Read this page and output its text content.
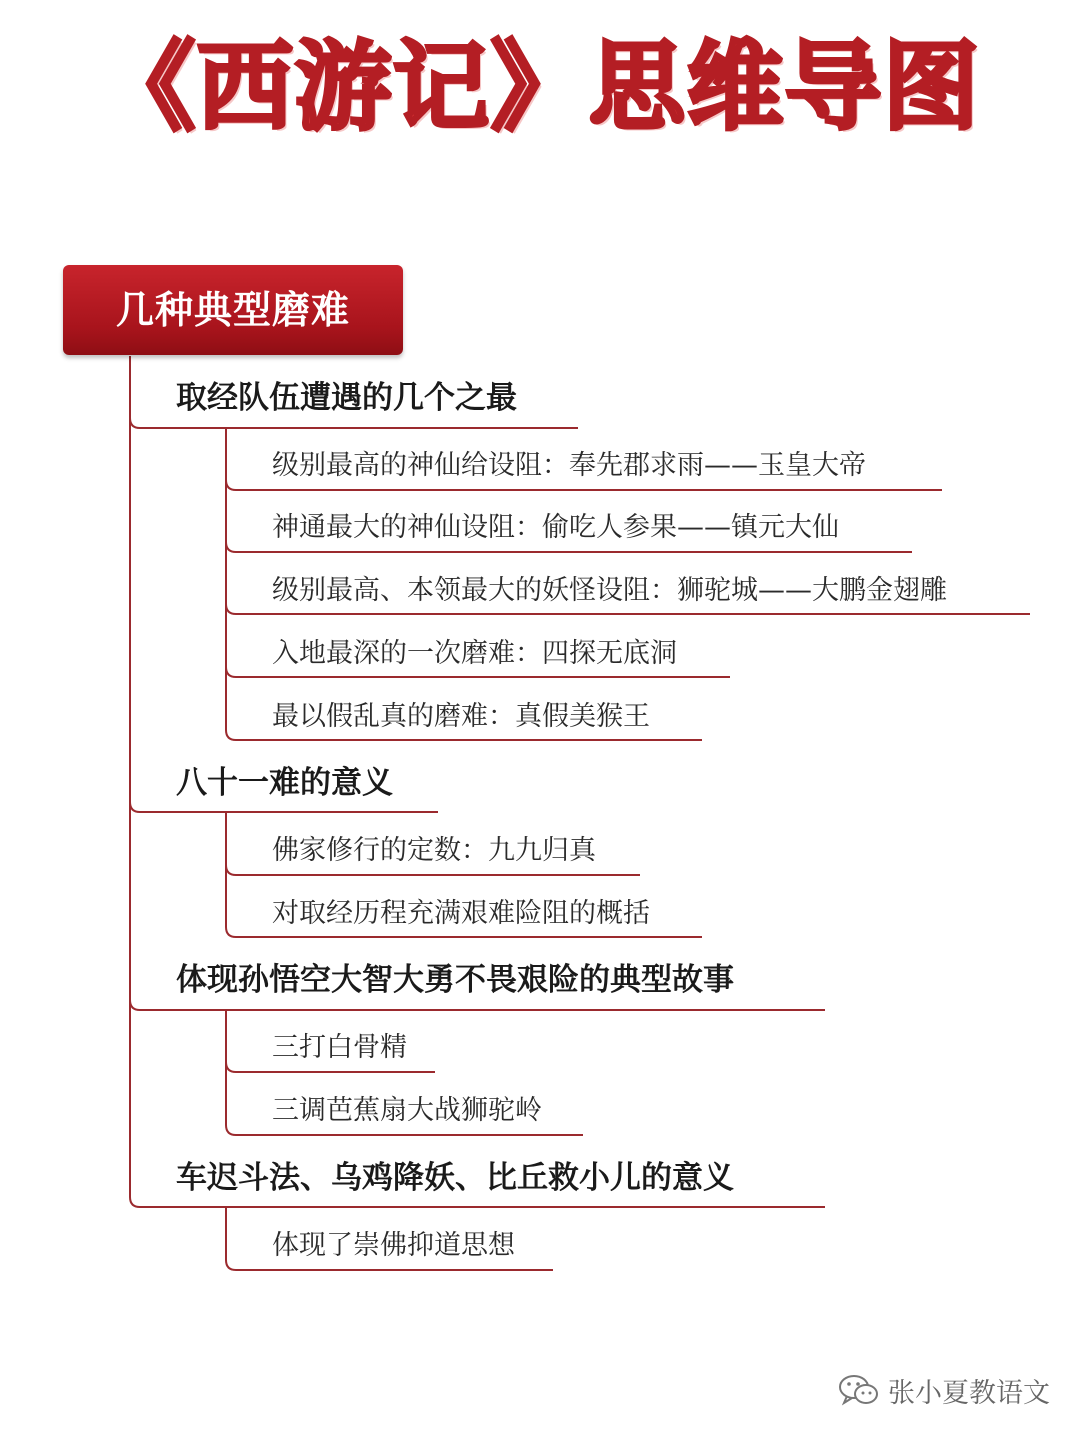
《西游记》思维导图
几种典型磨难
取经队伍遭遇的几个之最
级别最高的神仙给设阻：奉先郡求雨——玉皇大帝
神通最大的神仙设阻：偷吃人参果——镇元大仙
级别最高、本领最大的妖怪设阻：狮驼城——大鹏金翅雕
入地最深的一次磨难：四探无底洞
最以假乱真的磨难：真假美猴王
八十一难的意义
佛家修行的定数：九九归真
对取经历程充满艰难险阻的概括
体现孙悟空大智大勇不畏艰险的典型故事
三打白骨精
三调芭蕉扇大战狮驼岭
车迟斗法、乌鸡降妖、比丘救小儿的意义
体现了崇佛抑道思想
张小夏教语文
